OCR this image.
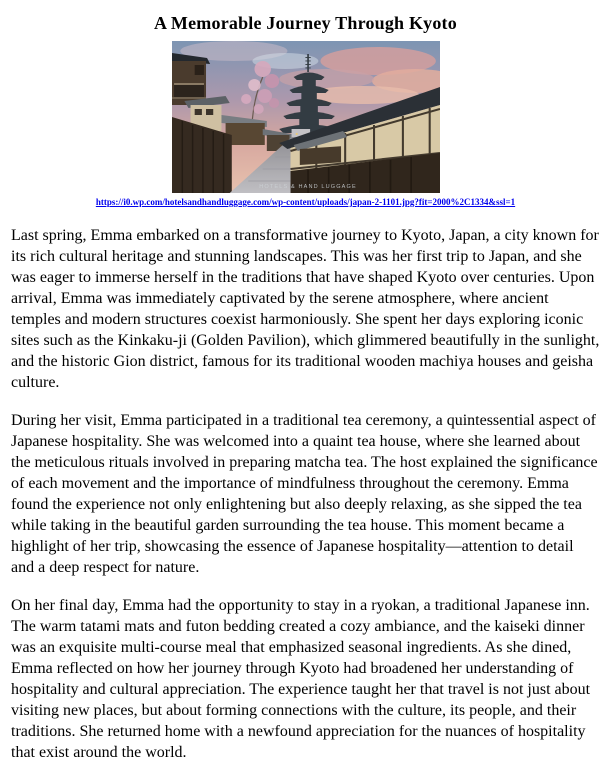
A Memorable Journey Through Kyoto
HOTELS & HAND LUGGAGE
https://i0.wp.com/hotelsandhandluggage.com/wp-content/uploads/japan-2-1101.jpg?fit=2000%2C1334&ssl=1

Last spring, Emma embarked on a transformative journey to Kyoto, Japan, a city known for its rich cultural heritage and stunning landscapes. This was her first trip to Japan, and she was eager to immerse herself in the traditions that have shaped Kyoto over centuries. Upon arrival, Emma was immediately captivated by the serene atmosphere, where ancient temples and modern structures coexist harmoniously. She spent her days exploring iconic sites such as the Kinkaku-ji (Golden Pavilion), which glimmered beautifully in the sunlight, and the historic Gion district, famous for its traditional wooden machiya houses and geisha culture.

During her visit, Emma participated in a traditional tea ceremony, a quintessential aspect of Japanese hospitality. She was welcomed into a quaint tea house, where she learned about the meticulous rituals involved in preparing matcha tea. The host explained the significance of each movement and the importance of mindfulness throughout the ceremony. Emma found the experience not only enlightening but also deeply relaxing, as she sipped the tea while taking in the beautiful garden surrounding the tea house. This moment became a highlight of her trip, showcasing the essence of Japanese hospitality—attention to detail and a deep respect for nature.

On her final day, Emma had the opportunity to stay in a ryokan, a traditional Japanese inn. The warm tatami mats and futon bedding created a cozy ambiance, and the kaiseki dinner was an exquisite multi-course meal that emphasized seasonal ingredients. As she dined, Emma reflected on how her journey through Kyoto had broadened her understanding of hospitality and cultural appreciation. The experience taught her that travel is not just about visiting new places, but about forming connections with the culture, its people, and their traditions. She returned home with a newfound appreciation for the nuances of hospitality that exist around the world.
